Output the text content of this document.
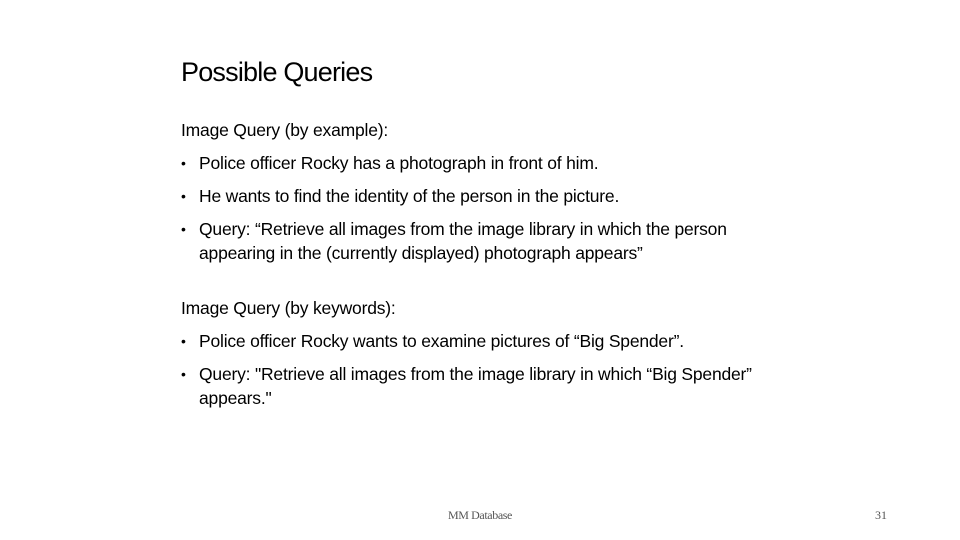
Possible Queries
Image Query (by example):
• Police officer Rocky has a photograph in front of him.
• He wants to find the identity of the person in the picture.
• Query: “Retrieve all images from the image library in which the person appearing in the (currently displayed) photograph appears”
Image Query (by keywords):
• Police officer Rocky wants to examine pictures of “Big Spender”.
• Query: "Retrieve all images from the image library in which “Big Spender” appears."
MM Database	31
